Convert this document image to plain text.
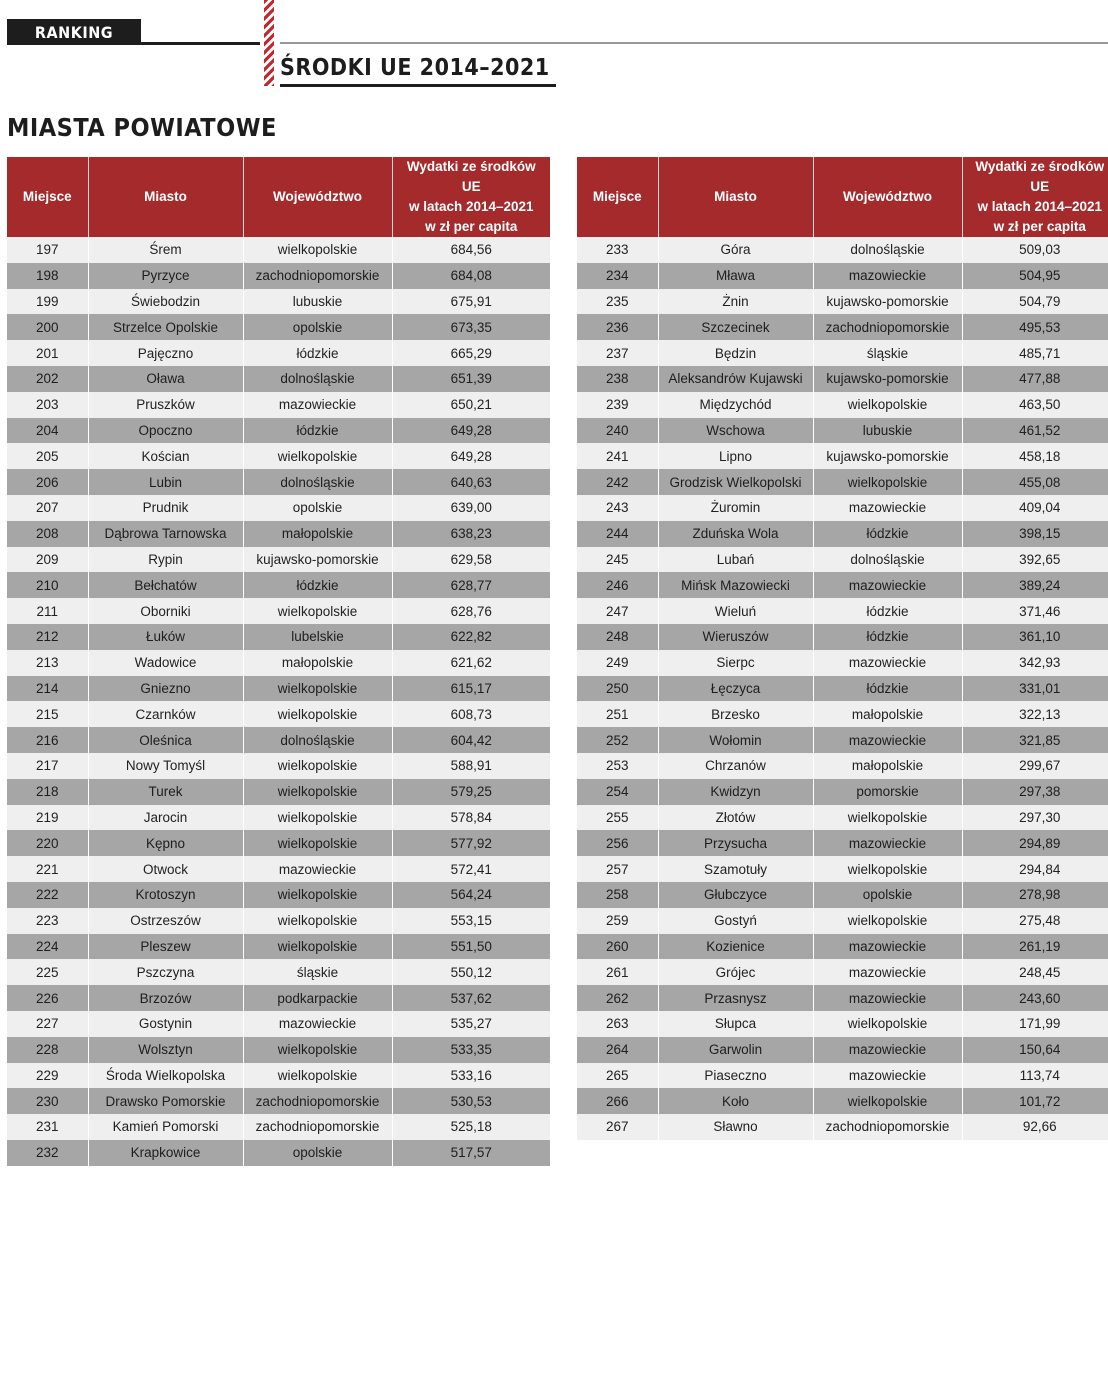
RANKING
ŚRODKI UE 2014–2021
MIASTA POWIATOWE
Miejsce	Miasto	Województwo	Wydatki ze środków UE
w latach 2014–2021
w zł per capita
197	Śrem	wielkopolskie	684,56
198	Pyrzyce	zachodniopomorskie	684,08
199	Świebodzin	lubuskie	675,91
200	Strzelce Opolskie	opolskie	673,35
201	Pajęczno	łódzkie	665,29
202	Oława	dolnośląskie	651,39
203	Pruszków	mazowieckie	650,21
204	Opoczno	łódzkie	649,28
205	Kościan	wielkopolskie	649,28
206	Lubin	dolnośląskie	640,63
207	Prudnik	opolskie	639,00
208	Dąbrowa Tarnowska	małopolskie	638,23
209	Rypin	kujawsko-pomorskie	629,58
210	Bełchatów	łódzkie	628,77
211	Oborniki	wielkopolskie	628,76
212	Łuków	lubelskie	622,82
213	Wadowice	małopolskie	621,62
214	Gniezno	wielkopolskie	615,17
215	Czarnków	wielkopolskie	608,73
216	Oleśnica	dolnośląskie	604,42
217	Nowy Tomyśl	wielkopolskie	588,91
218	Turek	wielkopolskie	579,25
219	Jarocin	wielkopolskie	578,84
220	Kępno	wielkopolskie	577,92
221	Otwock	mazowieckie	572,41
222	Krotoszyn	wielkopolskie	564,24
223	Ostrzeszów	wielkopolskie	553,15
224	Pleszew	wielkopolskie	551,50
225	Pszczyna	śląskie	550,12
226	Brzozów	podkarpackie	537,62
227	Gostynin	mazowieckie	535,27
228	Wolsztyn	wielkopolskie	533,35
229	Środa Wielkopolska	wielkopolskie	533,16
230	Drawsko Pomorskie	zachodniopomorskie	530,53
231	Kamień Pomorski	zachodniopomorskie	525,18
232	Krapkowice	opolskie	517,57
Miejsce	Miasto	Województwo	Wydatki ze środków UE
w latach 2014–2021
w zł per capita
233	Góra	dolnośląskie	509,03
234	Mława	mazowieckie	504,95
235	Żnin	kujawsko-pomorskie	504,79
236	Szczecinek	zachodniopomorskie	495,53
237	Będzin	śląskie	485,71
238	Aleksandrów Kujawski	kujawsko-pomorskie	477,88
239	Międzychód	wielkopolskie	463,50
240	Wschowa	lubuskie	461,52
241	Lipno	kujawsko-pomorskie	458,18
242	Grodzisk Wielkopolski	wielkopolskie	455,08
243	Żuromin	mazowieckie	409,04
244	Zduńska Wola	łódzkie	398,15
245	Lubań	dolnośląskie	392,65
246	Mińsk Mazowiecki	mazowieckie	389,24
247	Wieluń	łódzkie	371,46
248	Wieruszów	łódzkie	361,10
249	Sierpc	mazowieckie	342,93
250	Łęczyca	łódzkie	331,01
251	Brzesko	małopolskie	322,13
252	Wołomin	mazowieckie	321,85
253	Chrzanów	małopolskie	299,67
254	Kwidzyn	pomorskie	297,38
255	Złotów	wielkopolskie	297,30
256	Przysucha	mazowieckie	294,89
257	Szamotuły	wielkopolskie	294,84
258	Głubczyce	opolskie	278,98
259	Gostyń	wielkopolskie	275,48
260	Kozienice	mazowieckie	261,19
261	Grójec	mazowieckie	248,45
262	Przasnysz	mazowieckie	243,60
263	Słupca	wielkopolskie	171,99
264	Garwolin	mazowieckie	150,64
265	Piaseczno	mazowieckie	113,74
266	Koło	wielkopolskie	101,72
267	Sławno	zachodniopomorskie	92,66
